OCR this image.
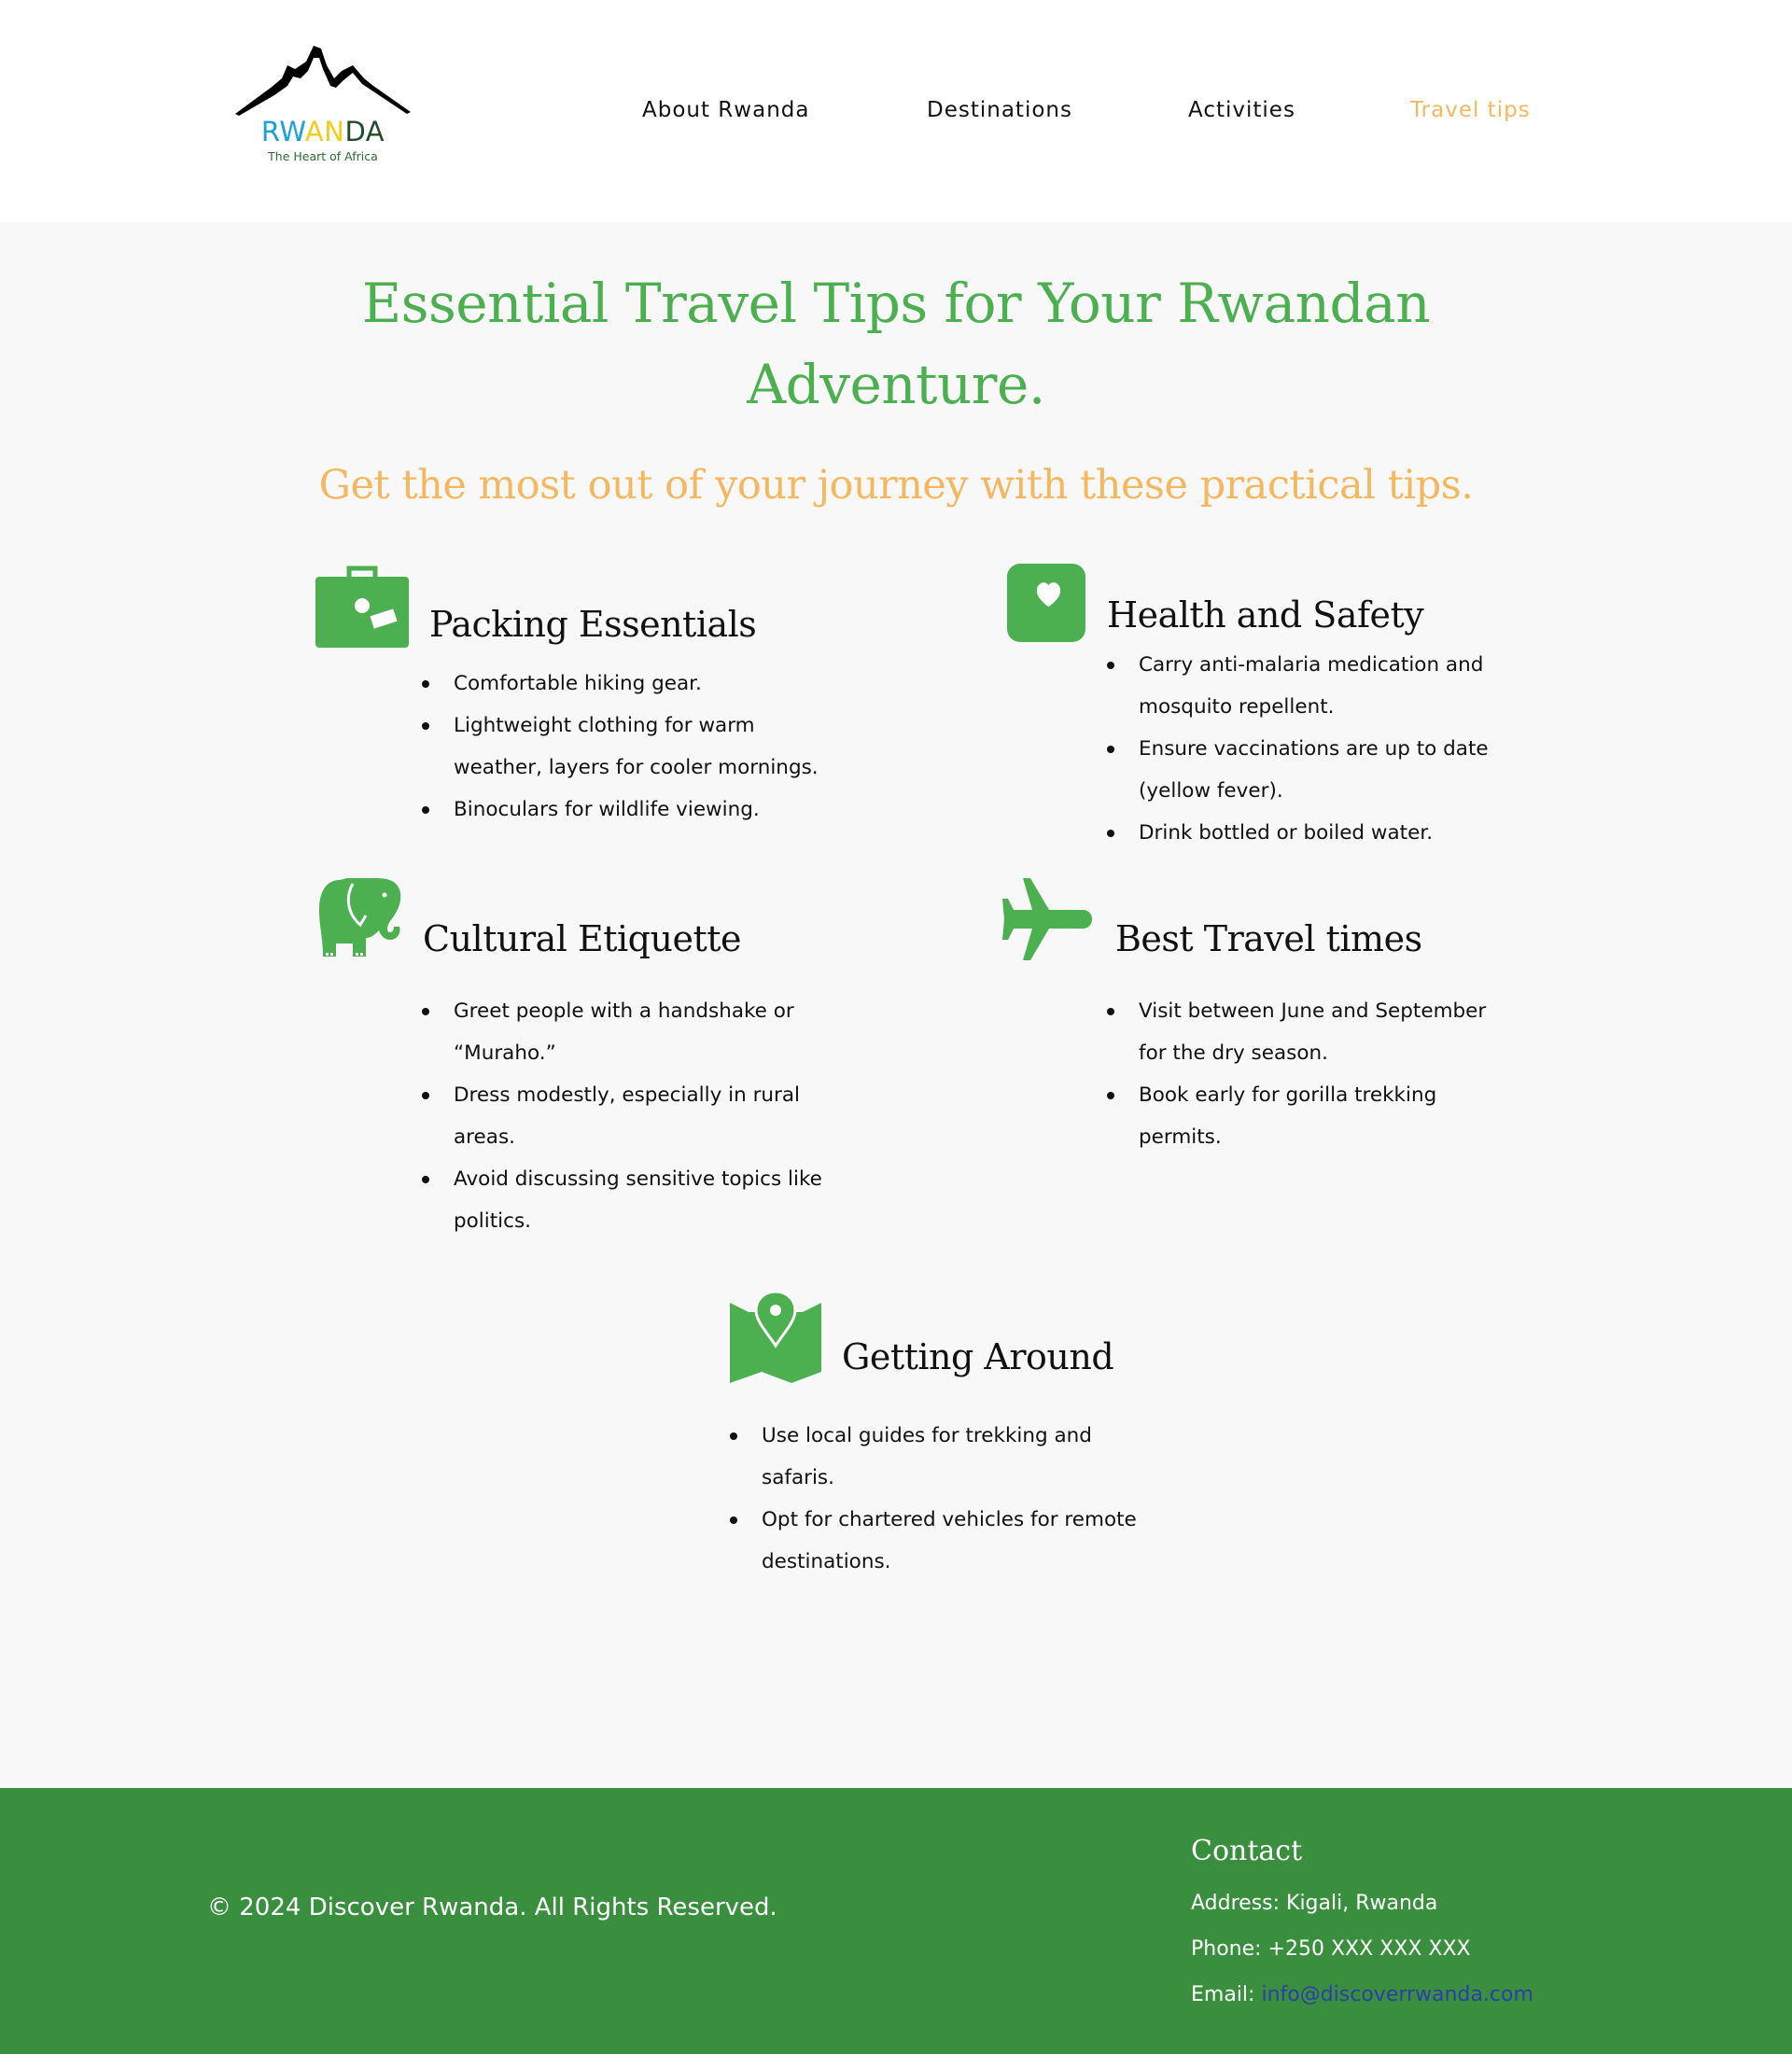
RWANDA
The Heart of Africa
About Rwanda	Destinations	Activities	Travel tips
Essential Travel Tips for Your Rwandan Adventure.
Get the most out of your journey with these practical tips.
Packing Essentials
Comfortable hiking gear.
Lightweight clothing for warm weather, layers for cooler mornings.
Binoculars for wildlife viewing.
Health and Safety
Carry anti-malaria medication and mosquito repellent.
Ensure vaccinations are up to date (yellow fever).
Drink bottled or boiled water.
Cultural Etiquette
Greet people with a handshake or “Muraho.”
Dress modestly, especially in rural areas.
Avoid discussing sensitive topics like politics.
Best Travel times
Visit between June and September for the dry season.
Book early for gorilla trekking permits.
Getting Around
Use local guides for trekking and safaris.
Opt for chartered vehicles for remote destinations.
© 2024 Discover Rwanda. All Rights Reserved.
Contact
Address: Kigali, Rwanda
Phone: +250 XXX XXX XXX
Email: info@discoverrwanda.com
